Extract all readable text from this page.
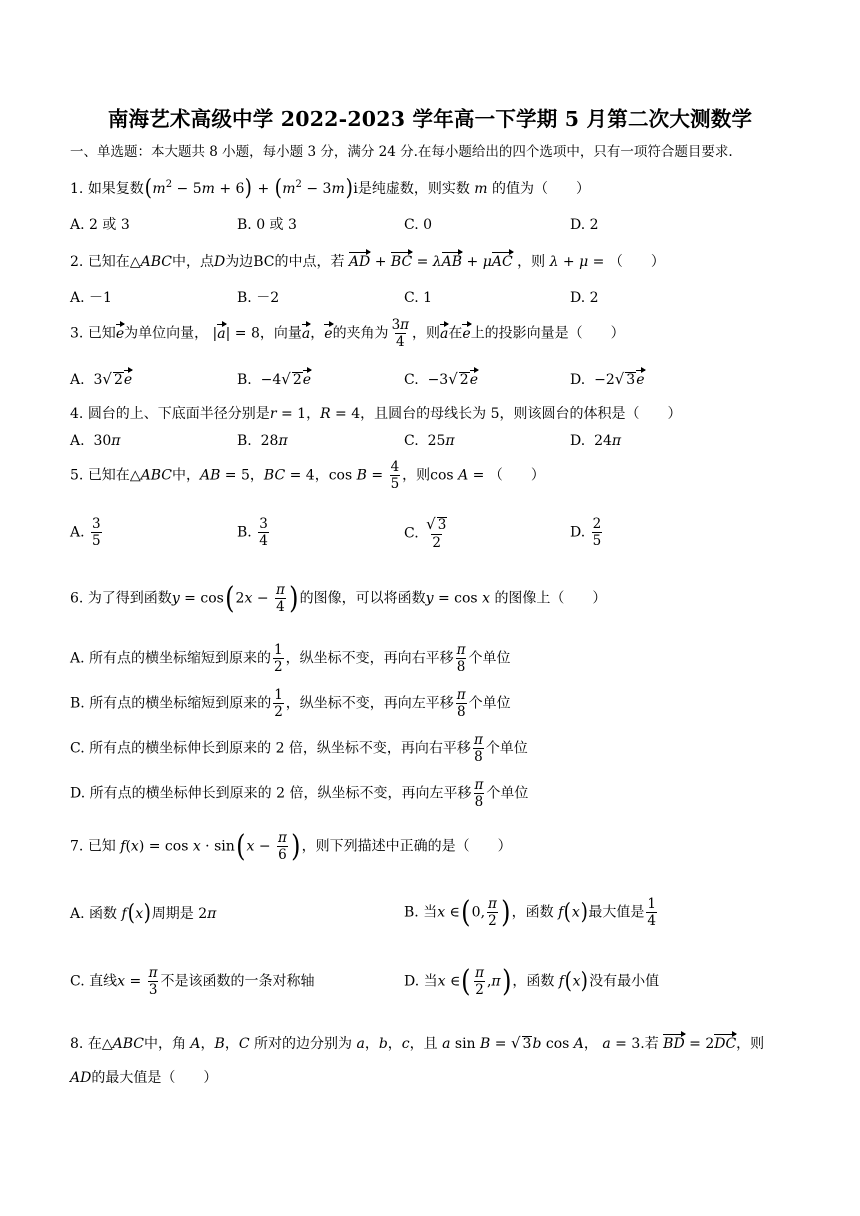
南海艺术高级中学 2022-2023 学年高一下学期 5 月第二次大测数学
一、单选题：本大题共 8 小题，每小题 3 分，满分 24 分.在每小题给出的四个选项中，只有一项符合题目要求.
1. 如果复数$(m^2 - 5m + 6) + (m^2 - 3m)i$是纯虚数，则实数 m 的值为（　　）
A. 2 或 3	B. 0 或 3	C. 0	D. 2
2. 已知在△ABC中，点D为边BC的中点，若 AD + BC = λAB + μAC ，则 λ + μ = （　　）
A. －1	B. －2	C. 1	D. 2
3. 已知e为单位向量， |a| = 8，向量a，e的夹角为 $\frac{3\pi}{4}$ ，则a在e上的投影向量是（　　）
A.  3√ 2e	B.  −4√ 2e	C.  −3√ 2e	D.  −2√ 3e
4. 圆台的上、下底面半径分别是r = 1，R = 4，且圆台的母线长为 5，则该圆台的体积是（　　）
A.  30π	B.  28π	C.  25π	D.  24π
5. 已知在△ABC中，AB = 5，BC = 4，$\cos B = \frac{4}{5}$ ，则cos A = （　　）
A. $\frac{3}{5}$	B. $\frac{3}{4}$	C. $\frac{√ 3}{2}$	D. $\frac{2}{5}$
6. 为了得到函数$y = \cos(2x - \frac{\pi}{4}$ )的图像，可以将函数y = cos x 的图像上（　　）
A. 所有点的横坐标缩短到原来的 $\frac{1}{2}$ ，纵坐标不变，再向右平移 $\frac{\pi}{8}$ 个单位
B. 所有点的横坐标缩短到原来的 $\frac{1}{2}$ ，纵坐标不变，再向左平移 $\frac{\pi}{8}$ 个单位
C. 所有点的横坐标伸长到原来的 2 倍，纵坐标不变，再向右平移 $\frac{\pi}{8}$ 个单位
D. 所有点的横坐标伸长到原来的 2 倍，纵坐标不变，再向左平移 $\frac{\pi}{8}$ 个单位
7. 已知 $f(x) = \cos x \cdot \sin(x - \frac{\pi}{6}$ )，则下列描述中正确的是（　　）
A. 函数 f(x)周期是 2π	B. 当x ∈(0, $\frac{\pi}{2}$ )，函数 f(x)最大值是 $\frac{1}{4}$
C. 直线$x = \frac{\pi}{3}$ 不是该函数的一条对称轴	D. 当x ∈( $\frac{\pi}{2} ,\pi$)，函数 f(x)没有最小值
8. 在△ABC中，角 A，B，C 所对的边分别为 a，b，c，且 a sin B = √ 3b cos A， a = 3.若 BD = 2DC，则
AD的最大值是（　　）
